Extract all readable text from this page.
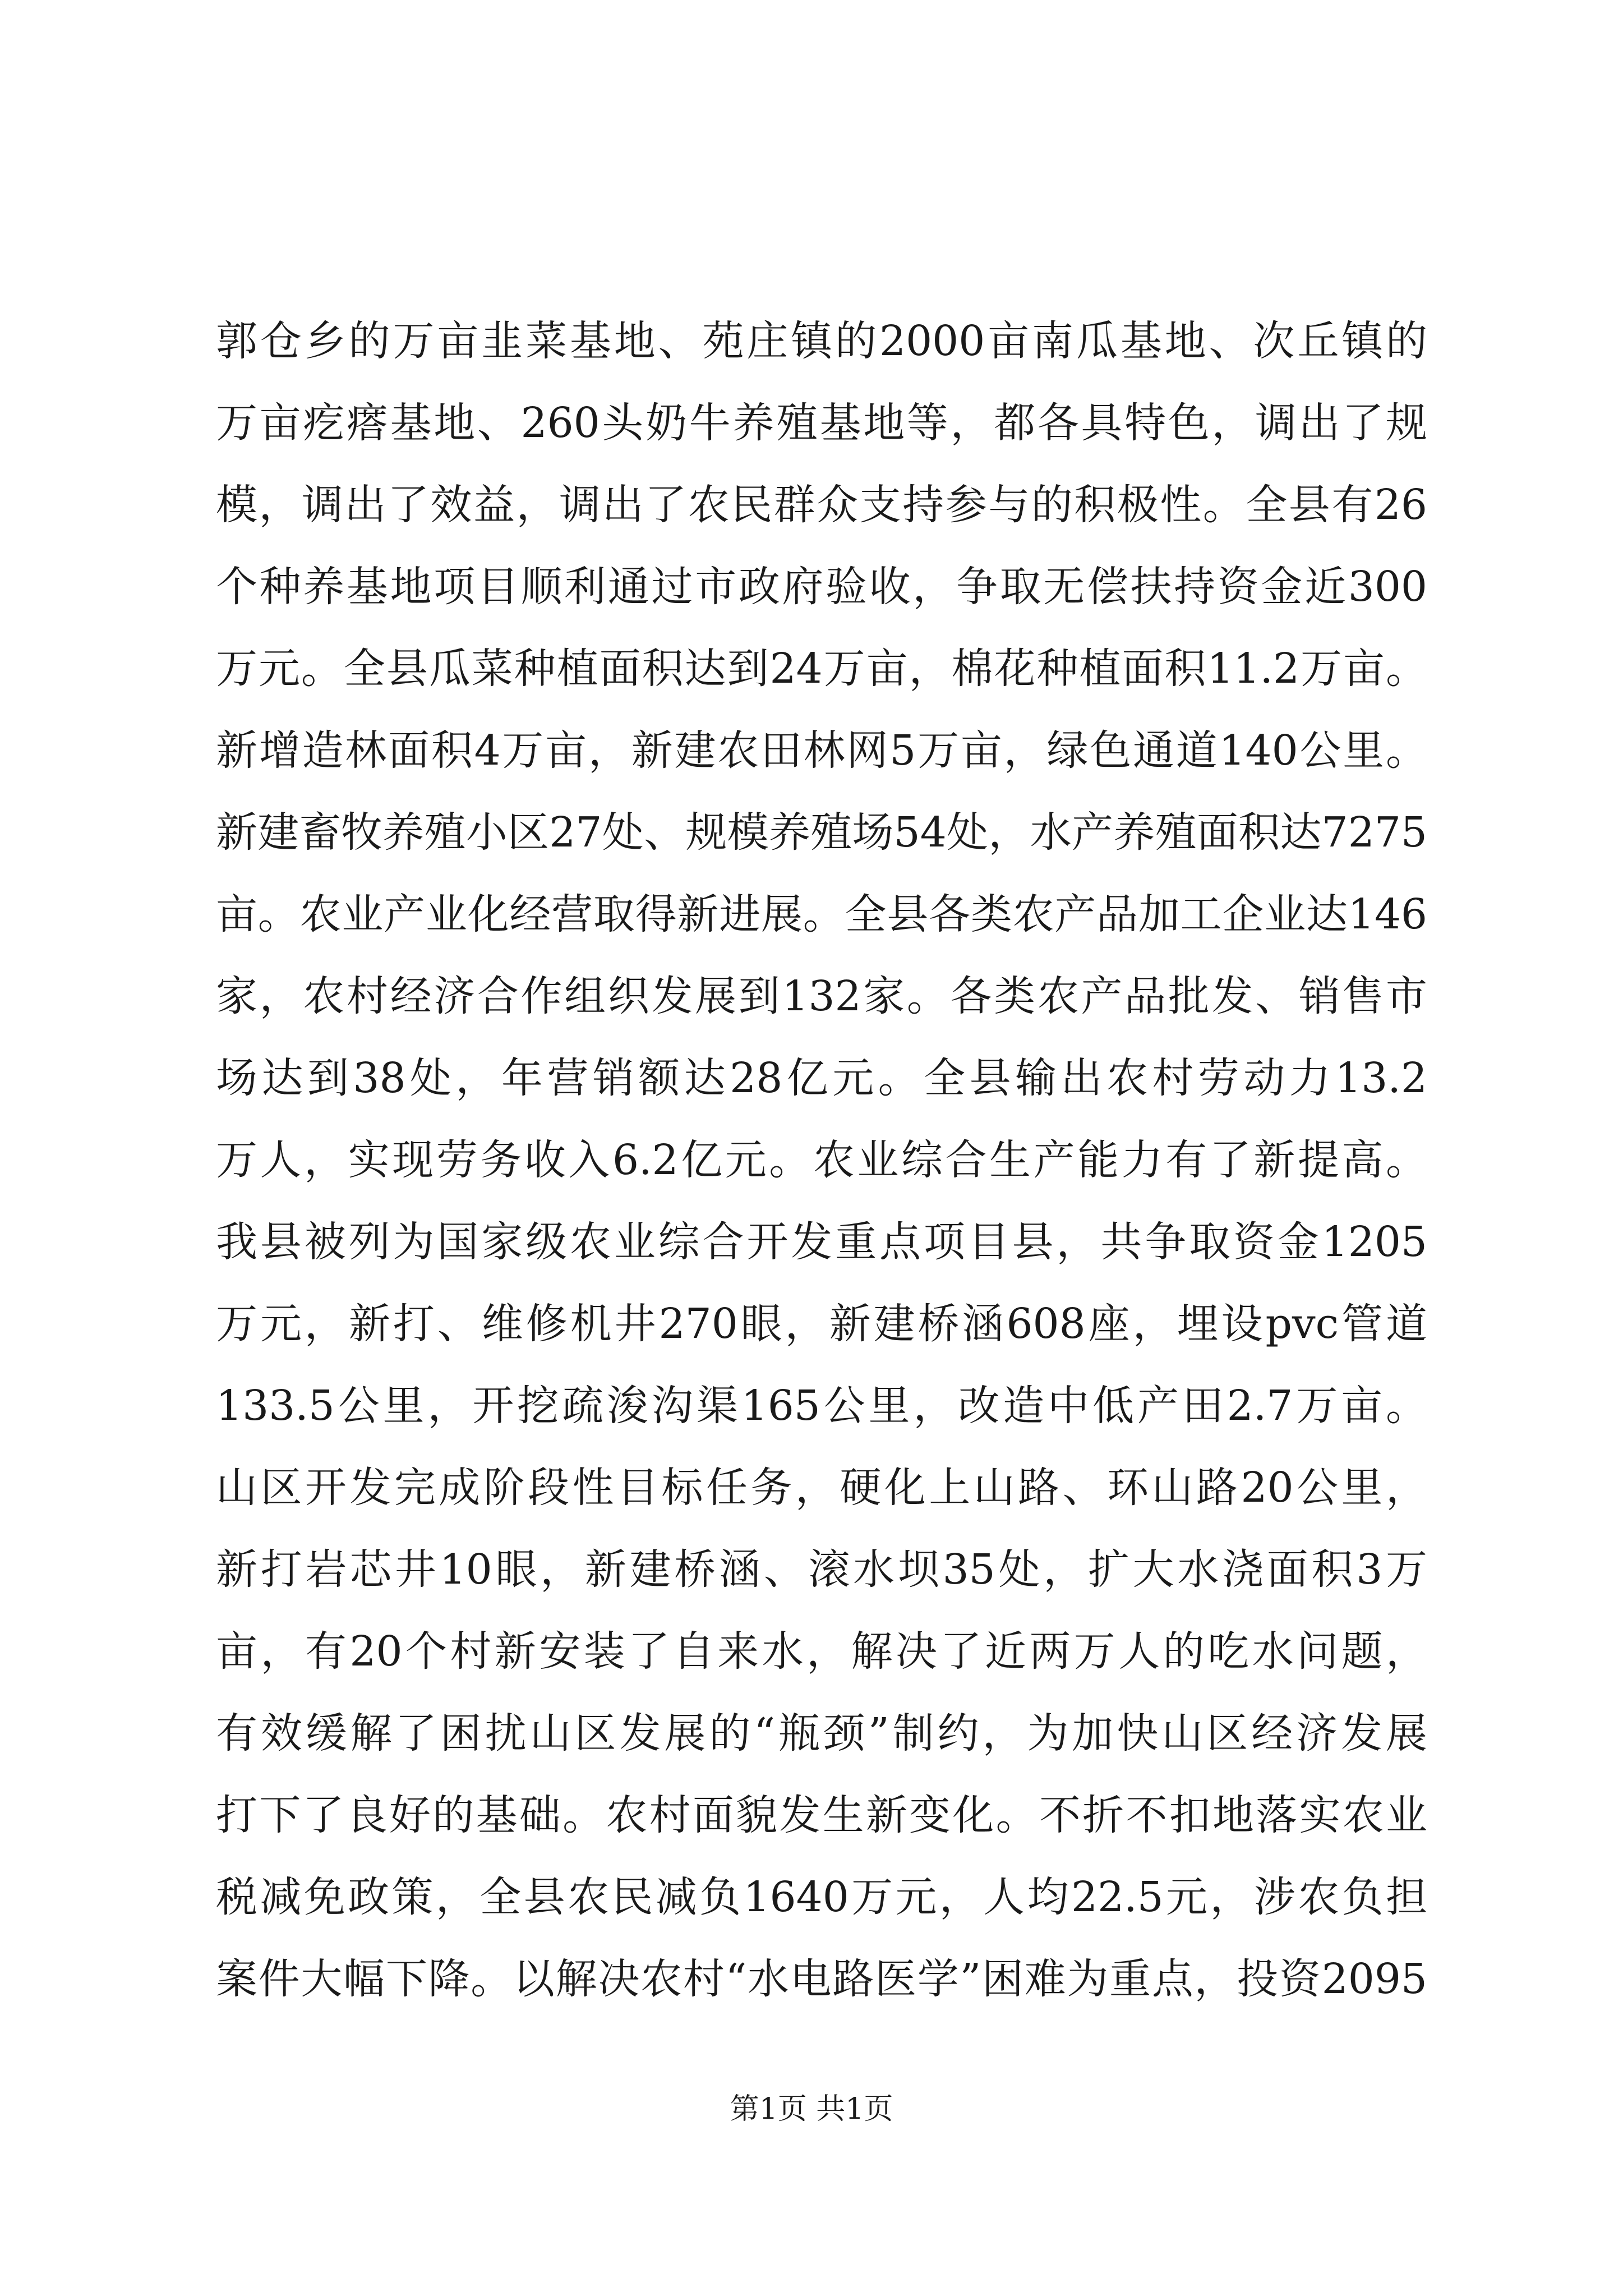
郭仓乡的万亩韭菜基地、苑庄镇的2000亩南瓜基地、次丘镇的
万亩疙瘩基地、260头奶牛养殖基地等，都各具特色，调出了规
模，调出了效益，调出了农民群众支持参与的积极性。全县有26
个种养基地项目顺利通过市政府验收，争取无偿扶持资金近300
万元。全县瓜菜种植面积达到24万亩，棉花种植面积11.2万亩。
新增造林面积4万亩，新建农田林网5万亩，绿色通道140公里。
新建畜牧养殖小区27处、规模养殖场54处，水产养殖面积达7275
亩。农业产业化经营取得新进展。全县各类农产品加工企业达146
家，农村经济合作组织发展到132家。各类农产品批发、销售市
场达到38处，年营销额达28亿元。全县输出农村劳动力13.2
万人，实现劳务收入6.2亿元。农业综合生产能力有了新提高。
我县被列为国家级农业综合开发重点项目县，共争取资金1205
万元，新打、维修机井270眼，新建桥涵608座，埋设pvc管道
133.5公里，开挖疏浚沟渠165公里，改造中低产田2.7万亩。
山区开发完成阶段性目标任务，硬化上山路、环山路20公里，
新打岩芯井10眼，新建桥涵、滚水坝35处，扩大水浇面积3万
亩，有20个村新安装了自来水，解决了近两万人的吃水问题，
有效缓解了困扰山区发展的“瓶颈”制约，为加快山区经济发展
打下了良好的基础。农村面貌发生新变化。不折不扣地落实农业
税减免政策，全县农民减负1640万元，人均22.5元，涉农负担
案件大幅下降。以解决农村“水电路医学”困难为重点，投资2095
第1页 共1页
